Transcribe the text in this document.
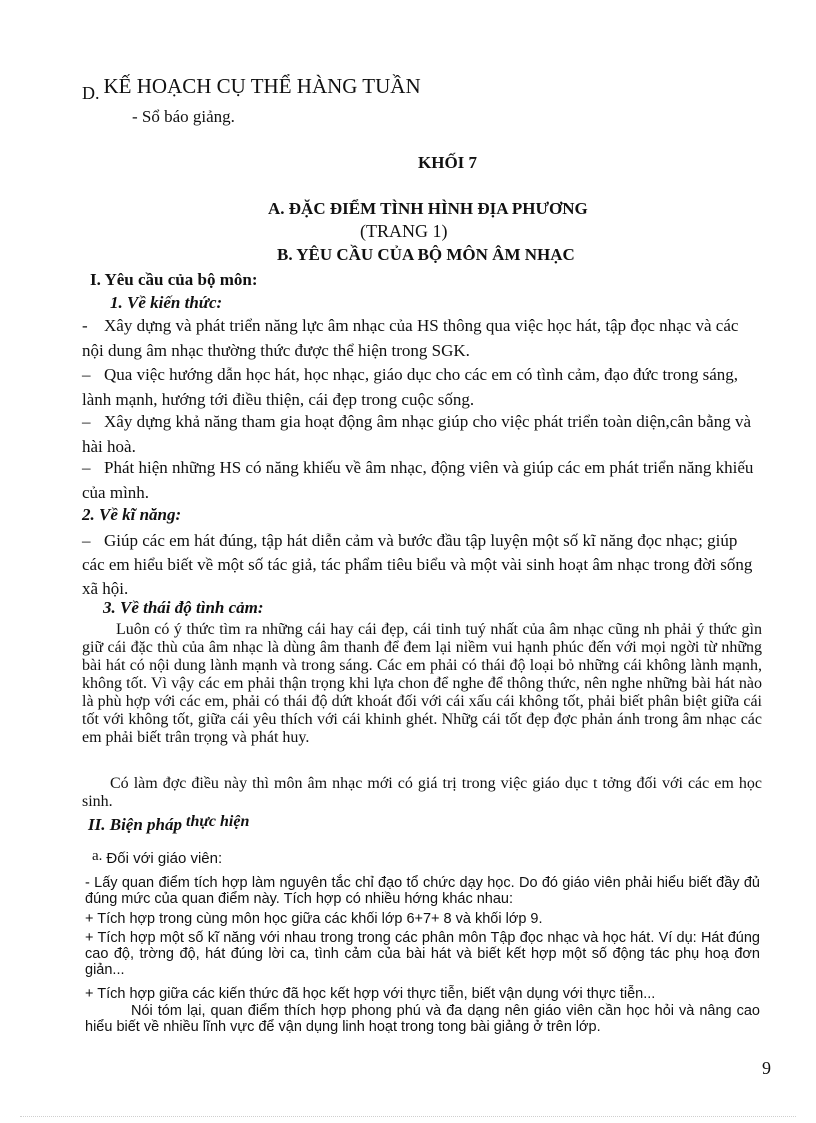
D. KẾ HOẠCH CỤ THỂ HÀNG TUẦN
- Sổ báo giảng.
KHỐI 7
A. ĐẶC ĐIỂM TÌNH HÌNH ĐỊA PHƯƠNG
(TRANG 1)
B. YÊU CẦU CỦA BỘ MÔN ÂM NHẠC
I. Yêu cầu của bộ môn:
1. Về kiến thức:
- Xây dựng và phát triển năng lực âm nhạc của HS thông qua việc học hát, tập đọc nhạc và các nội dung âm nhạc thường thức được thể hiện trong SGK.
– Qua việc hướng dẫn học hát, học nhạc, giáo dục cho các em có tình cảm, đạo đức trong sáng, lành mạnh, hướng tới điều thiện, cái đẹp trong cuộc sống.
– Xây dựng khả năng tham gia hoạt động âm nhạc giúp cho việc phát triển toàn diện,cân bằng và hài hoà.
– Phát hiện những HS có năng khiếu về âm nhạc, động viên và giúp các em phát triển năng khiếu của mình.
2. Về kĩ năng:
– Giúp các em hát đúng, tập hát diễn cảm và bước đầu tập luyện một số kĩ năng đọc nhạc; giúp các em hiểu biết về một số tác giả, tác phẩm tiêu biểu và một vài sinh hoạt âm nhạc trong đời sống xã hội.
3. Về thái độ tình cảm:
Luôn có ý thức tìm ra những cái hay cái đẹp, cái tinh tuý nhất của âm nhạc cũng nh phải ý thức gìn giữ cái đặc thù của âm nhạc là dùng âm thanh để đem lại niềm vui hạnh phúc đến với mọi ngời từ những bài hát có nội dung lành mạnh và trong sáng. Các em phải có thái độ loại bỏ những cái không lành mạnh, không tốt. Vì vậy các em phải thận trọng khi lựa chon để nghe để thông thức, nên nghe những bài hát nào là phù hợp với các em, phải có thái độ dứt khoát đối với cái xấu cái không tốt, phải biết phân biệt giữa cái tốt với không tốt, giữa cái yêu thích với cái khinh ghét. Nhữg cái tốt đẹp đợc phản ánh trong âm nhạc các em phải biết trân trọng và phát huy.
Có làm đợc điều này thì môn âm nhạc mới có giá trị trong việc giáo dục t tởng đối với các em học sinh.
II. Biện pháp thực hiện
a. Đối với giáo viên:
- Lấy quan điểm tích hợp làm nguyên tắc chỉ đạo tổ chức dạy học. Do đó giáo viên phải hiểu biết đầy đủ đúng mức của quan điểm này. Tích hợp có nhiều hớng khác nhau:
+ Tích hợp trong cùng môn học giữa các khối lớp 6+7+ 8 và khối lớp 9.
+ Tích hợp một số kĩ năng với nhau trong trong các phân môn Tập đọc nhạc và học hát. Ví dụ: Hát đúng cao độ, trờng độ, hát đúng lời ca, tình cảm của bài hát và biết kết hợp một số động tác phụ hoạ đơn giản...
+ Tích hợp giữa các kiến thức đã học kết hợp với thực tiễn, biết vận dụng với thực tiễn...
Nói tóm lại, quan điểm thích hợp phong phú và đa dạng nên giáo viên cần học hỏi và nâng cao hiểu biết về nhiều lĩnh vực để vận dụng linh hoạt trong tong bài giảng ở trên lớp.
9
